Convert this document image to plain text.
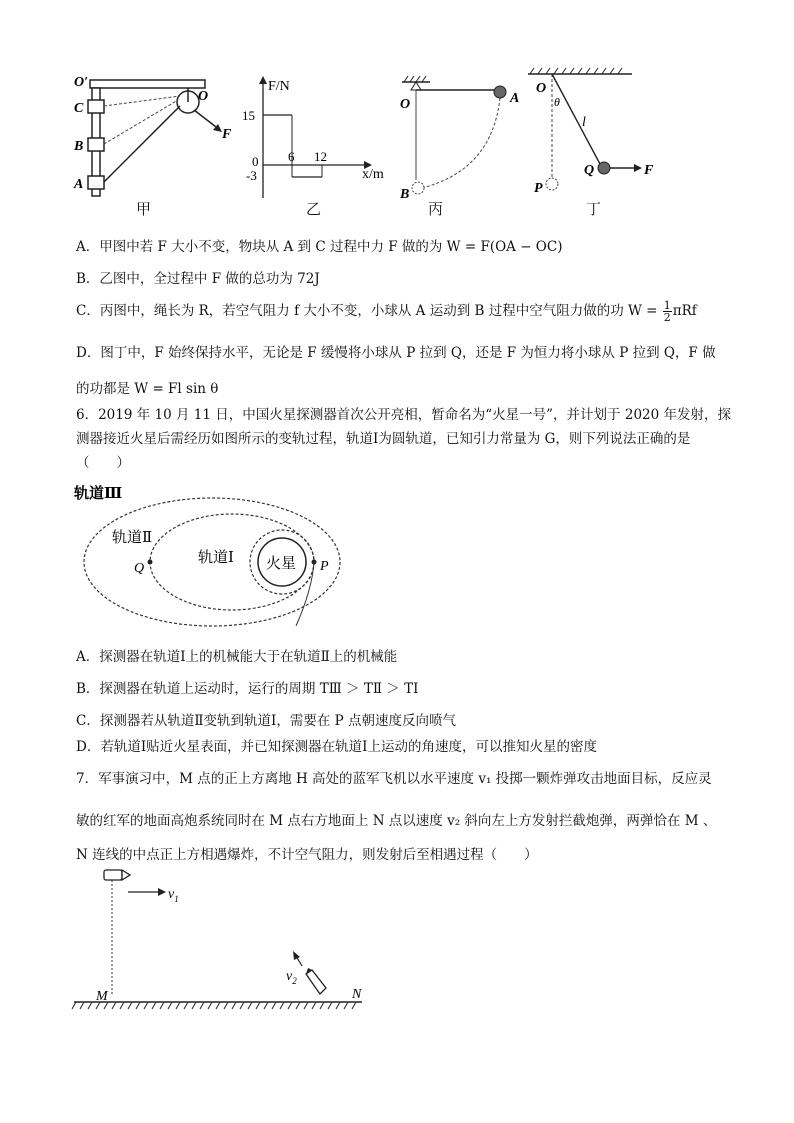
O′
C
B
A
O
F
甲
F/N
x/m
15
0
-3
6 12
乙
O	A
B
丙
O
θ
l
P
Q	F
丁
A．甲图中若 F 大小不变，物块从 A 到 C 过程中力 F 做的为 W = F(OA − OC)
B．乙图中，全过程中 F 做的总功为 72J
C．丙图中，绳长为 R，若空气阻力 f 大小不变，小球从 A 运动到 B 过程中空气阻力做的功 $W = \frac{1}{2}$ πRf
D．图丁中，F 始终保持水平，无论是 F 缓慢将小球从 P 拉到 Q，还是 F 为恒力将小球从 P 拉到 Q，F 做
的功都是 W = Fl sin θ
6．2019 年 10 月 11 日，中国火星探测器首次公开亮相，暂命名为“火星一号”，并计划于 2020 年发射，探
测器接近火星后需经历如图所示的变轨过程，轨道Ⅰ为圆轨道，已知引力常量为 G，则下列说法正确的是
（　　）
轨道Ⅲ
轨道Ⅱ
轨道Ⅰ
Q	P
火星
A．探测器在轨道Ⅰ上的机械能大于在轨道Ⅱ上的机械能
B．探测器在轨道上运动时，运行的周期 TⅢ ＞ TⅡ ＞ TⅠ
C．探测器若从轨道Ⅱ变轨到轨道Ⅰ，需要在 P 点朝速度反向喷气
D．若轨道Ⅰ贴近火星表面，并已知探测器在轨道Ⅰ上运动的角速度，可以推知火星的密度
7．军事演习中，M 点的正上方离地 H 高处的蓝军飞机以水平速度 v₁ 投掷一颗炸弹攻击地面目标，反应灵
敏的红军的地面高炮系统同时在 M 点右方地面上 N 点以速度 v₂ 斜向左上方发射拦截炮弹，两弹恰在 M 、
N 连线的中点正上方相遇爆炸，不计空气阻力，则发射后至相遇过程（　　）
$v_1$
$v_2$
M	N
